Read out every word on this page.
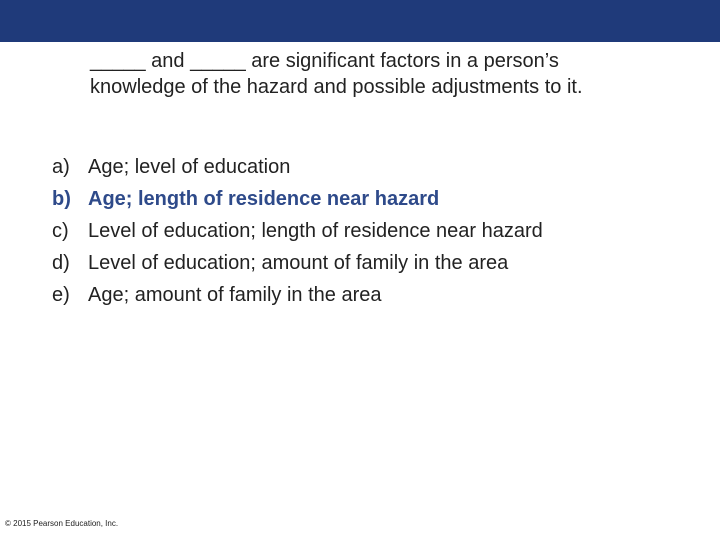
_____ and _____ are significant factors in a person’s
knowledge of the hazard and possible adjustments to it.
a) Age; level of education
b) Age; length of residence near hazard
c) Level of education; length of residence near hazard
d) Level of education; amount of family in the area
e) Age; amount of family in the area
© 2015 Pearson Education, Inc.
